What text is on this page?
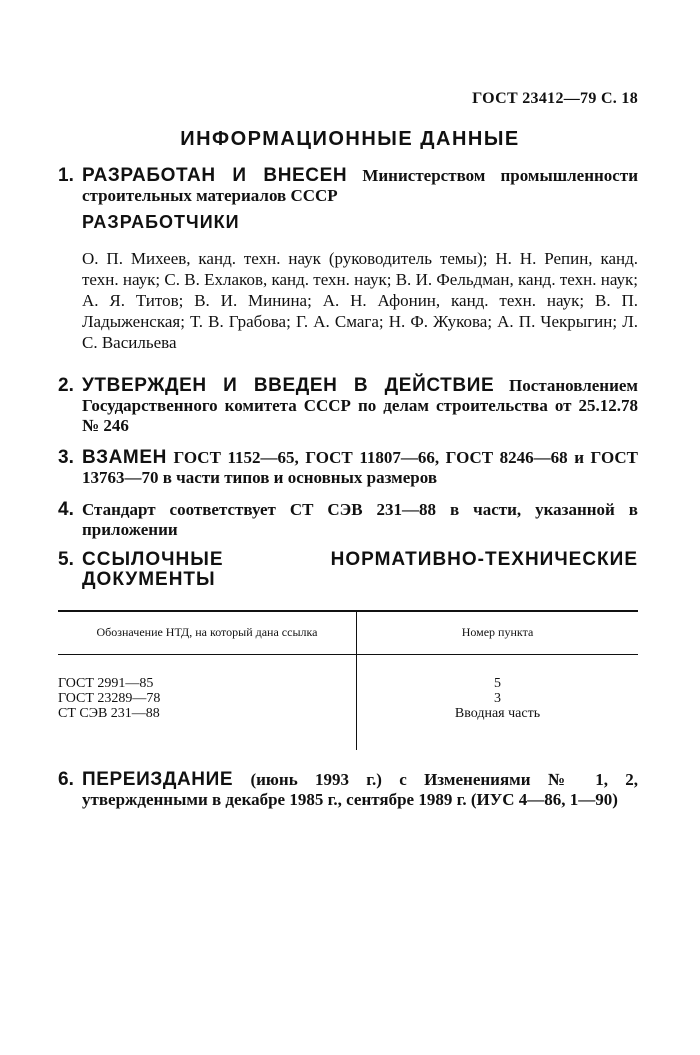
ГОСТ 23412—79 С. 18
ИНФОРМАЦИОННЫЕ ДАННЫЕ
1. РАЗРАБОТАН И ВНЕСЕН Министерством промышленности строительных материалов СССР
РАЗРАБОТЧИКИ
О. П. Михеев, канд. техн. наук (руководитель темы); Н. Н. Репин, канд. техн. наук; С. В. Ехлаков, канд. техн. наук; В. И. Фельдман, канд. техн. наук; А. Я. Титов; В. И. Минина; А. Н. Афонин, канд. техн. наук; В. П. Ладыженская; Т. В. Грабова; Г. А. Смага; Н. Ф. Жукова; А. П. Чекрыгин; Л. С. Васильева
2. УТВЕРЖДЕН И ВВЕДЕН В ДЕЙСТВИЕ Постановлением Государственного комитета СССР по делам строительства от 25.12.78 № 246
3. ВЗАМЕН ГОСТ 1152—65, ГОСТ 11807—66, ГОСТ 8246—68 и ГОСТ 13763—70 в части типов и основных размеров
4. Стандарт соответствует СТ СЭВ 231—88 в части, указанной в приложении
5. ССЫЛОЧНЫЕ НОРМАТИВНО-ТЕХНИЧЕСКИЕ ДОКУМЕНТЫ
Обозначение НТД, на который дана ссылка	Номер пункта
ГОСТ 2991—85
ГОСТ 23289—78
СТ СЭВ 231—88
5
3
Вводная часть
6. ПЕРЕИЗДАНИЕ (июнь 1993 г.) с Изменениями № 1, 2, утвержденными в декабре 1985 г., сентябре 1989 г. (ИУС 4—86, 1—90)
